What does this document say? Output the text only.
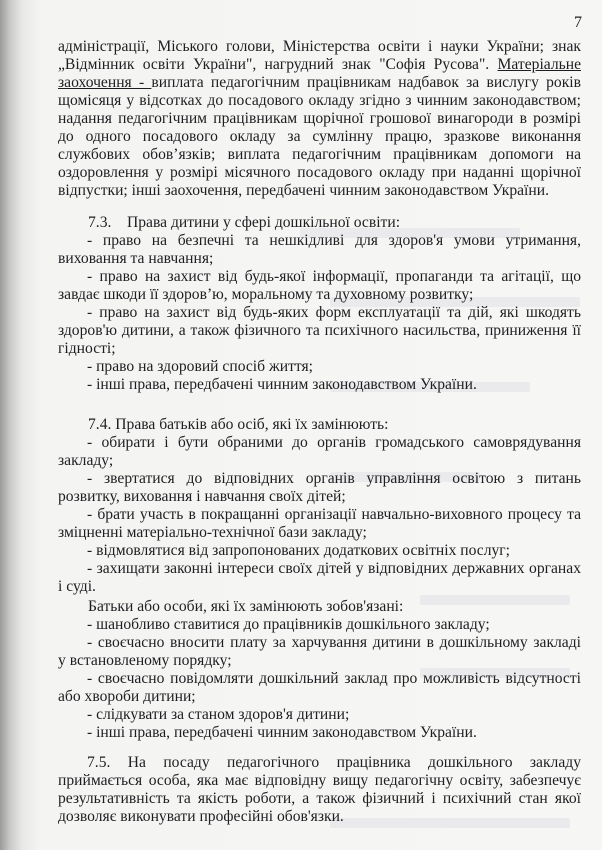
7
адміністрації, Міського голови, Міністерства освіти і науки України; знак
„Відмінник освіти України", нагрудний знак "Софія Русова". Матеріальне
заохочення - виплата педагогічним працівникам надбавок за вислугу років
щомісяця у відсотках до посадового окладу згідно з чинним законодавством;
надання педагогічним працівникам щорічної грошової винагороди в розмірі
до одного посадового окладу за сумлінну працю, зразкове виконання
службових обов’язків; виплата педагогічним працівникам допомоги на
оздоровлення у розмірі місячного посадового окладу при наданні щорічної
відпустки; інші заохочення, передбачені чинним законодавством України.
7.3.    Права дитини у сфері дошкільної освіти:
- право на безпечні та нешкідливі для здоров'я умови утримання,
виховання та навчання;
- право на захист від будь-якої інформації, пропаганди та агітації, що
завдає шкоди її здоров’ю, моральному та духовному розвитку;
- право на захист від будь-яких форм експлуатації та дій, які шкодять
здоров'ю дитини, а також фізичного та психічного насильства, приниження її
гідності;
- право на здоровий спосіб життя;
- інші права, передбачені чинним законодавством України.
7.4. Права батьків або осіб, які їх замінюють:
- обирати і бути обраними до органів громадського самоврядування
закладу;
- звертатися до відповідних органів управління освітою з питань
розвитку, виховання і навчання своїх дітей;
- брати участь в покращанні організації навчально-виховного процесу та
зміцненні матеріально-технічної бази закладу;
- відмовлятися від запропонованих додаткових освітніх послуг;
- захищати законні інтереси своїх дітей у відповідних державних органах
і суді.
Батьки або особи, які їх замінюють зобов'язані:
- шанобливо ставитися до працівників дошкільного закладу;
- своєчасно вносити плату за харчування дитини в дошкільному закладі
у встановленому порядку;
- своєчасно повідомляти дошкільний заклад про можливість відсутності
або хвороби дитини;
- слідкувати за станом здоров'я дитини;
- інші права, передбачені чинним законодавством України.
7.5. На посаду педагогічного працівника дошкільного закладу
приймається особа, яка має відповідну вищу педагогічну освіту, забезпечує
результативність та якість роботи, а також фізичний і психічний стан якої
дозволяє виконувати професійні обов'язки.
